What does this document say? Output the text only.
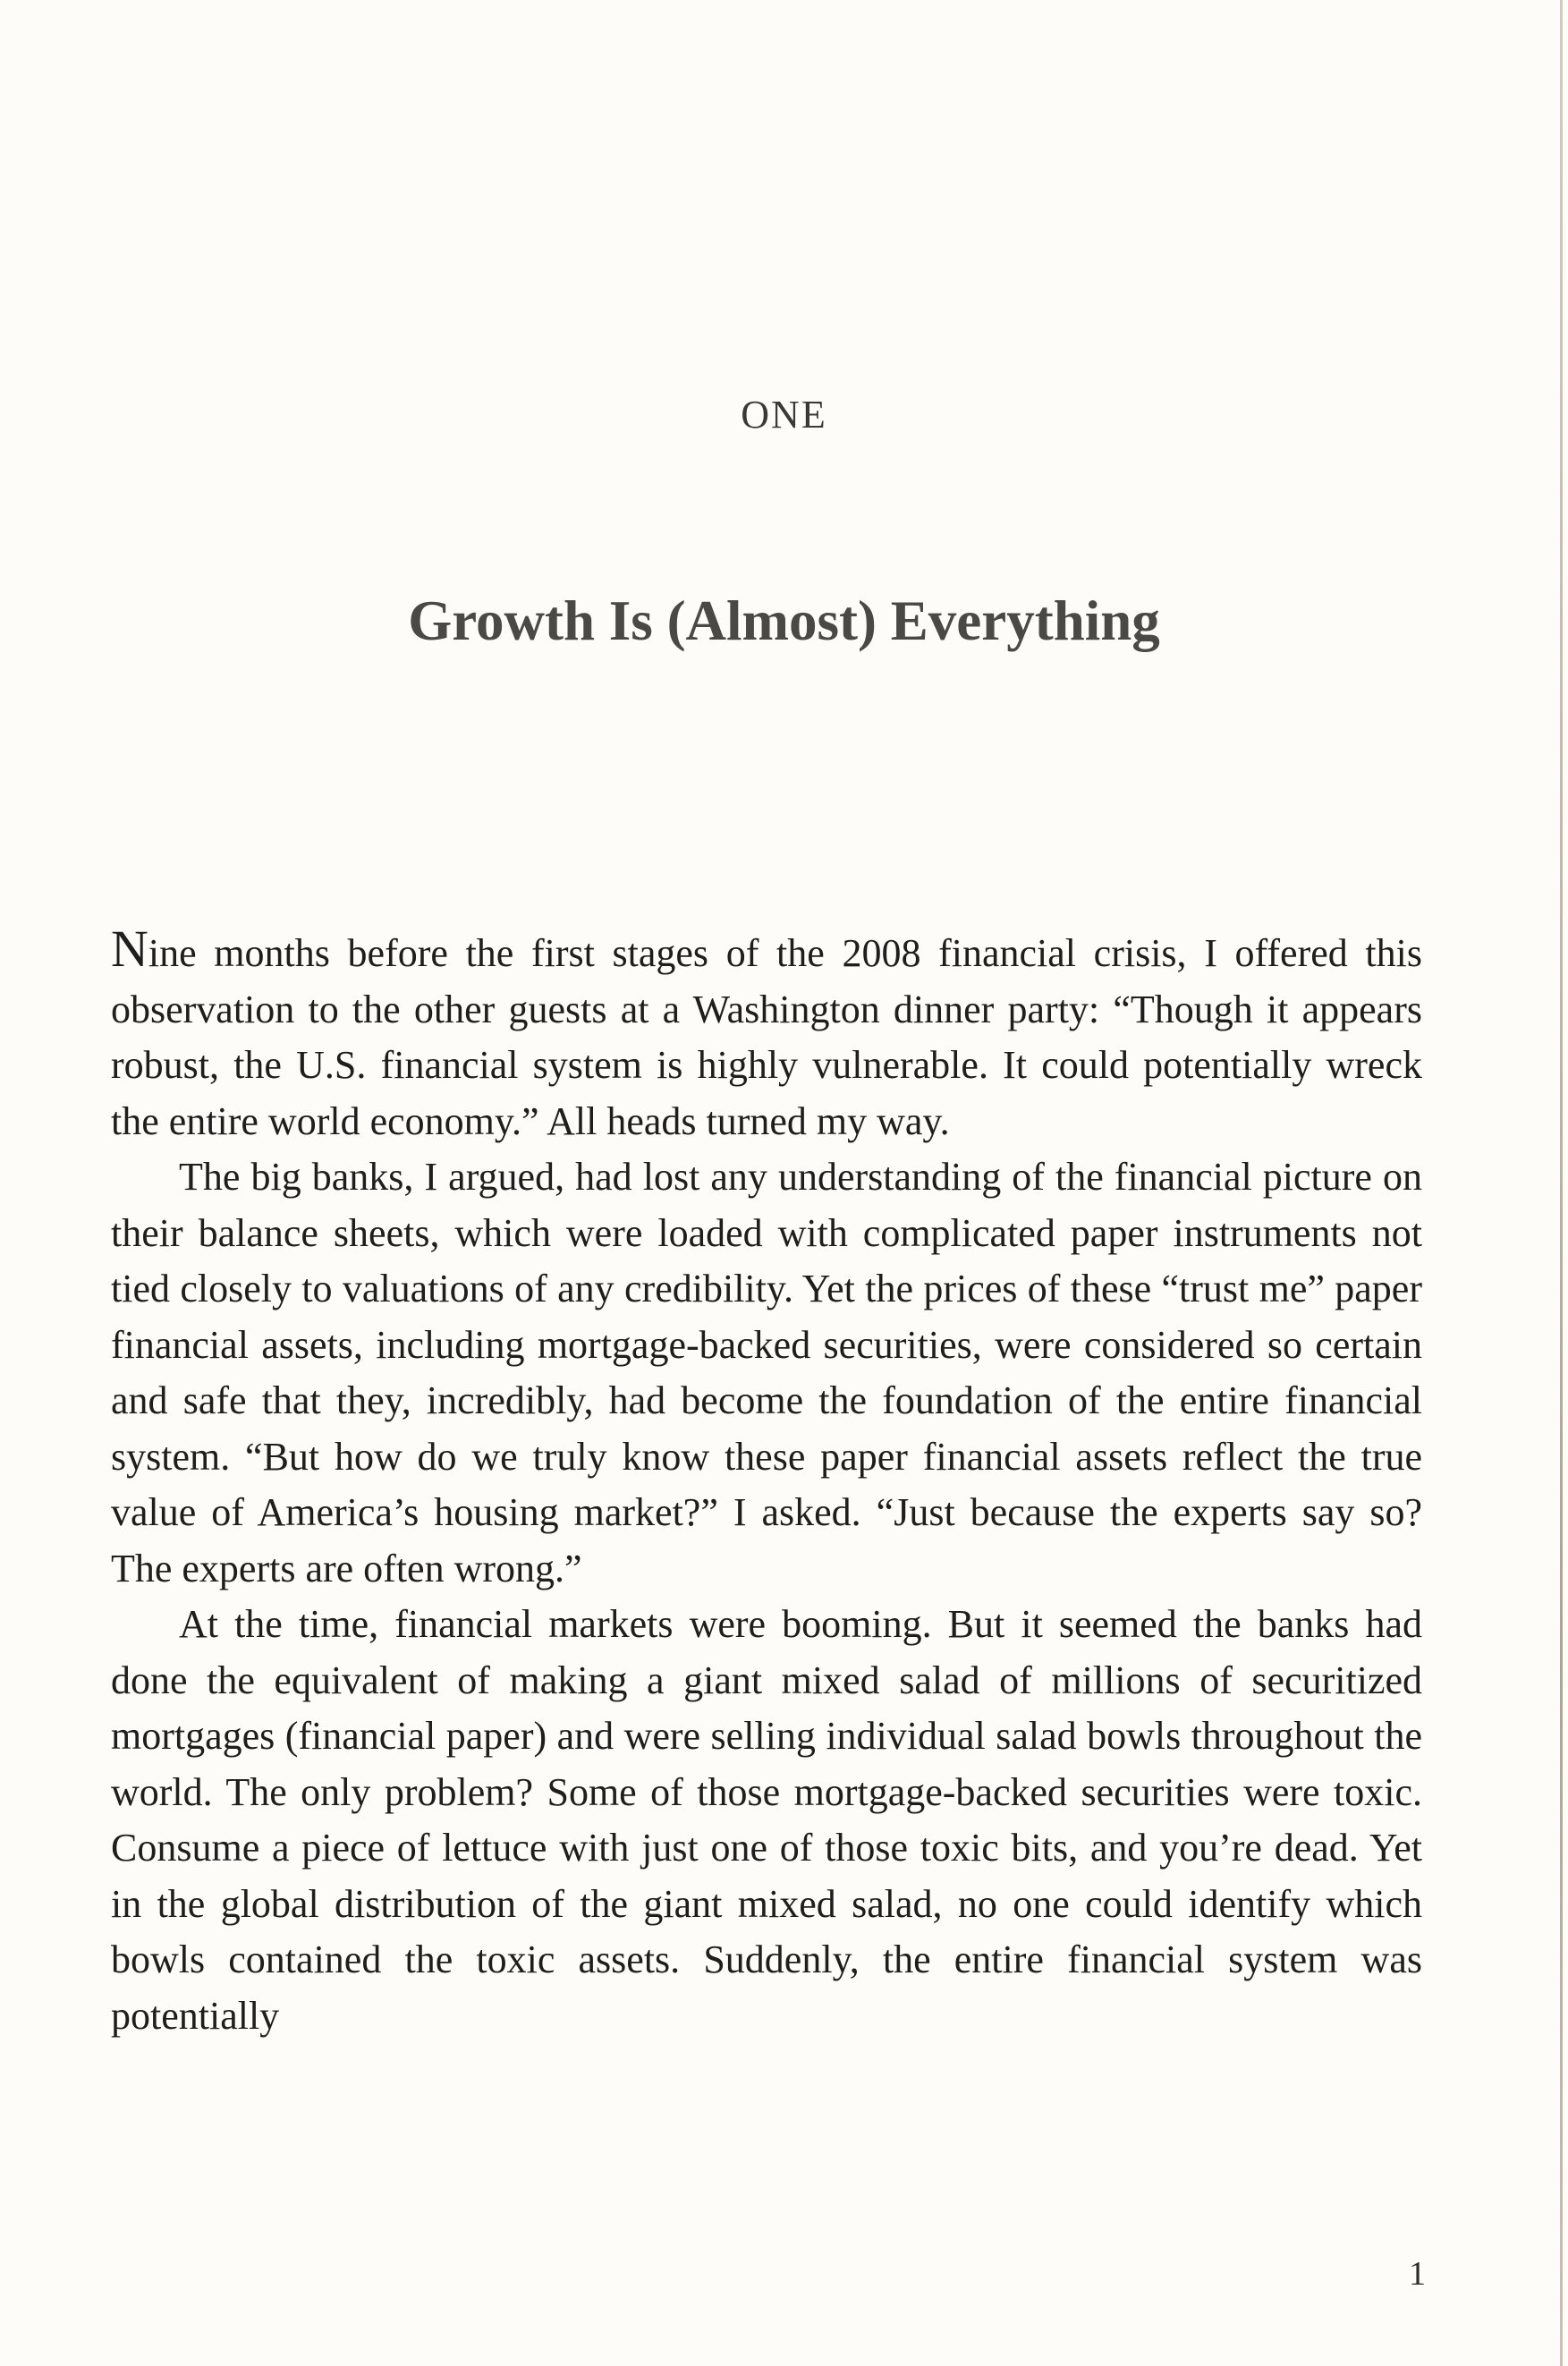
ONE
Growth Is (Almost) Everything

Nine months before the first stages of the 2008 financial crisis, I offered this observation to the other guests at a Washington dinner party: “Though it appears robust, the U.S. financial system is highly vulnerable. It could potentially wreck the entire world economy.” All heads turned my way.

The big banks, I argued, had lost any understanding of the financial picture on their balance sheets, which were loaded with complicated paper instruments not tied closely to valuations of any credibility. Yet the prices of these “trust me” paper financial assets, including mortgage-backed securities, were considered so certain and safe that they, incredibly, had become the foundation of the entire financial system. “But how do we truly know these paper financial assets reflect the true value of America’s housing market?” I asked. “Just because the experts say so? The experts are often wrong.”

At the time, financial markets were booming. But it seemed the banks had done the equivalent of making a giant mixed salad of millions of securitized mortgages (financial paper) and were selling individual salad bowls throughout the world. The only problem? Some of those mortgage-backed securities were toxic. Consume a piece of lettuce with just one of those toxic bits, and you’re dead. Yet in the global distribution of the giant mixed salad, no one could identify which bowls contained the toxic assets. Suddenly, the entire financial system was potentially

1
